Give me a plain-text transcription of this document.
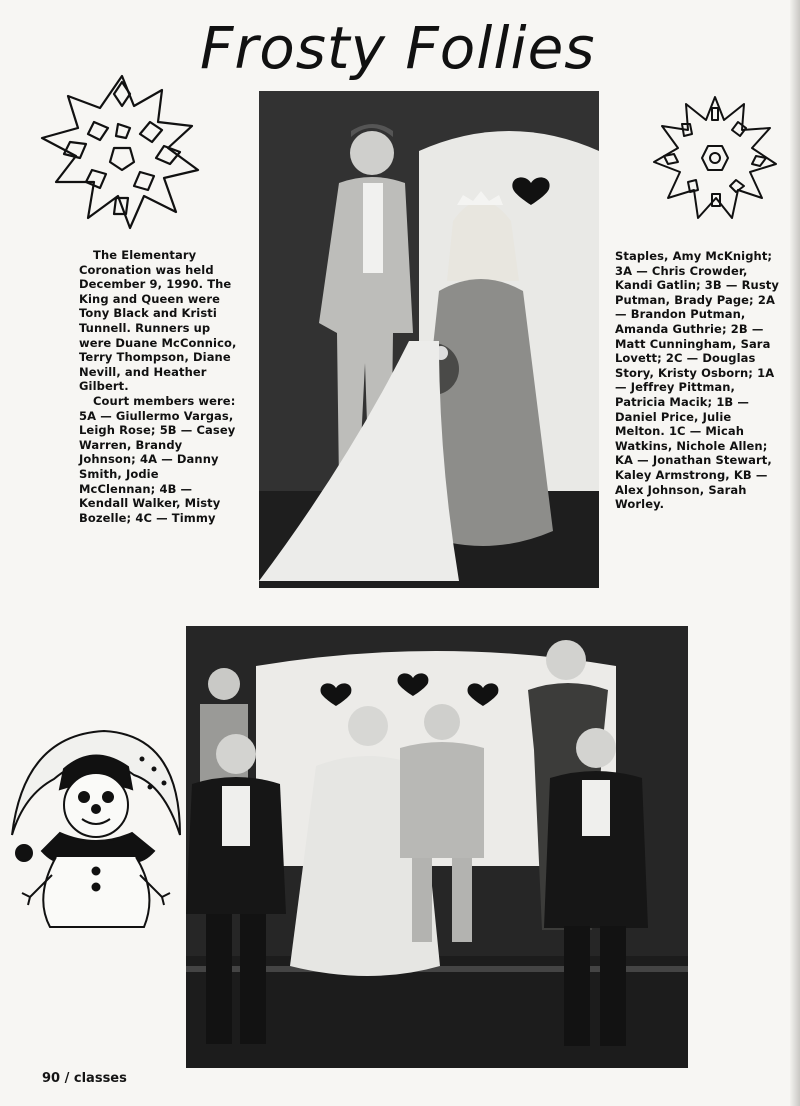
Frosty Follies

The Elementary Coronation was held December 9, 1990. The King and Queen were Tony Black and Kristi Tunnell. Runners up were Duane McConnico, Terry Thompson, Diane Nevill, and Heather Gilbert.

Court members were: 5A — Giullermo Vargas, Leigh Rose; 5B — Casey Warren, Brandy Johnson; 4A — Danny Smith, Jodie McClennan; 4B — Kendall Walker, Misty Bozelle; 4C — Timmy

Staples, Amy McKnight; 3A — Chris Crowder, Kandi Gatlin; 3B — Rusty Putman, Brady Page; 2A — Brandon Putman, Amanda Guthrie; 2B — Matt Cunningham, Sara Lovett; 2C — Douglas Story, Kristy Osborn; 1A — Jeffrey Pittman, Patricia Macik; 1B — Daniel Price, Julie Melton. 1C — Micah Watkins, Nichole Allen; KA — Jonathan Stewart, Kaley Armstrong, KB — Alex Johnson, Sarah Worley.

90 / classes
